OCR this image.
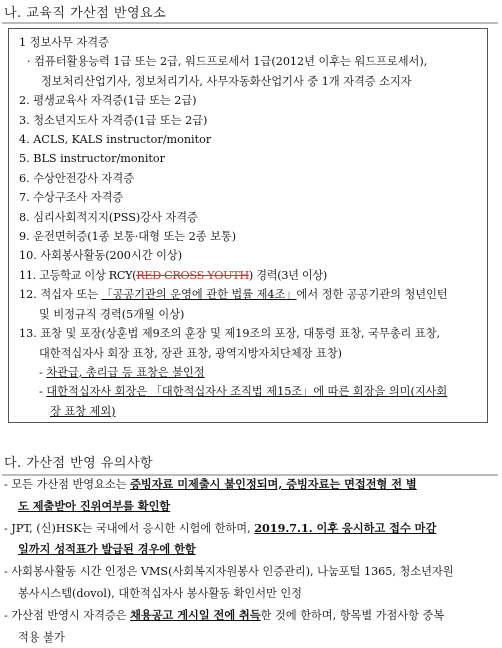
나. 교육직 가산점 반영요소
1 정보사무 자격증
· 컴퓨터활용능력 1급 또는 2급, 워드프로세서 1급(2012년 이후는 워드프로세서),
정보처리산업기사, 정보처리기사, 사무자동화산업기사 중 1개 자격증 소지자
2. 평생교육사 자격증(1급 또는 2급)
3. 청소년지도사 자격증(1급 또는 2급)
4. ACLS, KALS instructor/monitor
5. BLS instructor/monitor
6. 수상안전강사 자격증
7. 수상구조사 자격증
8. 심리사회적지지(PSS)강사 자격증
9. 운전면허증(1종 보통·대형 또는 2종 보통)
10. 사회봉사활동(200시간 이상)
11. 고등학교 이상 RCY(RED CROSS YOUTH) 경력(3년 이상)
12. 적십자 또는 「공공기관의 운영에 관한 법률 제4조」에서 정한 공공기관의 청년인턴
및 비정규직 경력(5개월 이상)
13. 표창 및 포장(상훈법 제9조의 훈장 및 제19조의 포장, 대통령 표창, 국무총리 표창,
대한적십자사 회장 표창, 장관 표창, 광역지방자치단체장 표창)
- 차관급, 총리급 등 표창은 불인정
- 대한적십자사 회장은 「대한적십자사 조직법 제15조」에 따른 회장을 의미(지사회
장 표창 제외)
다. 가산점 반영 유의사항
- 모든 가산점 반영요소는 증빙자료 미제출시 불인정되며, 증빙자료는 면접전형 전 별
도 제출받아 진위여부를 확인함
- JPT, (신)HSK는 국내에서 응시한 시험에 한하며, 2019.7.1. 이후 응시하고 접수 마감
일까지 성적표가 발급된 경우에 한함
- 사회봉사활동 시간 인정은 VMS(사회복지자원봉사 인증관리), 나눔포털 1365, 청소년자원
봉사시스템(dovol), 대한적십자사 봉사활동 확인서만 인정
- 가산점 반영시 자격증은 채용공고 게시일 전에 취득한 것에 한하며, 항목별 가점사항 중복
적용 불가
